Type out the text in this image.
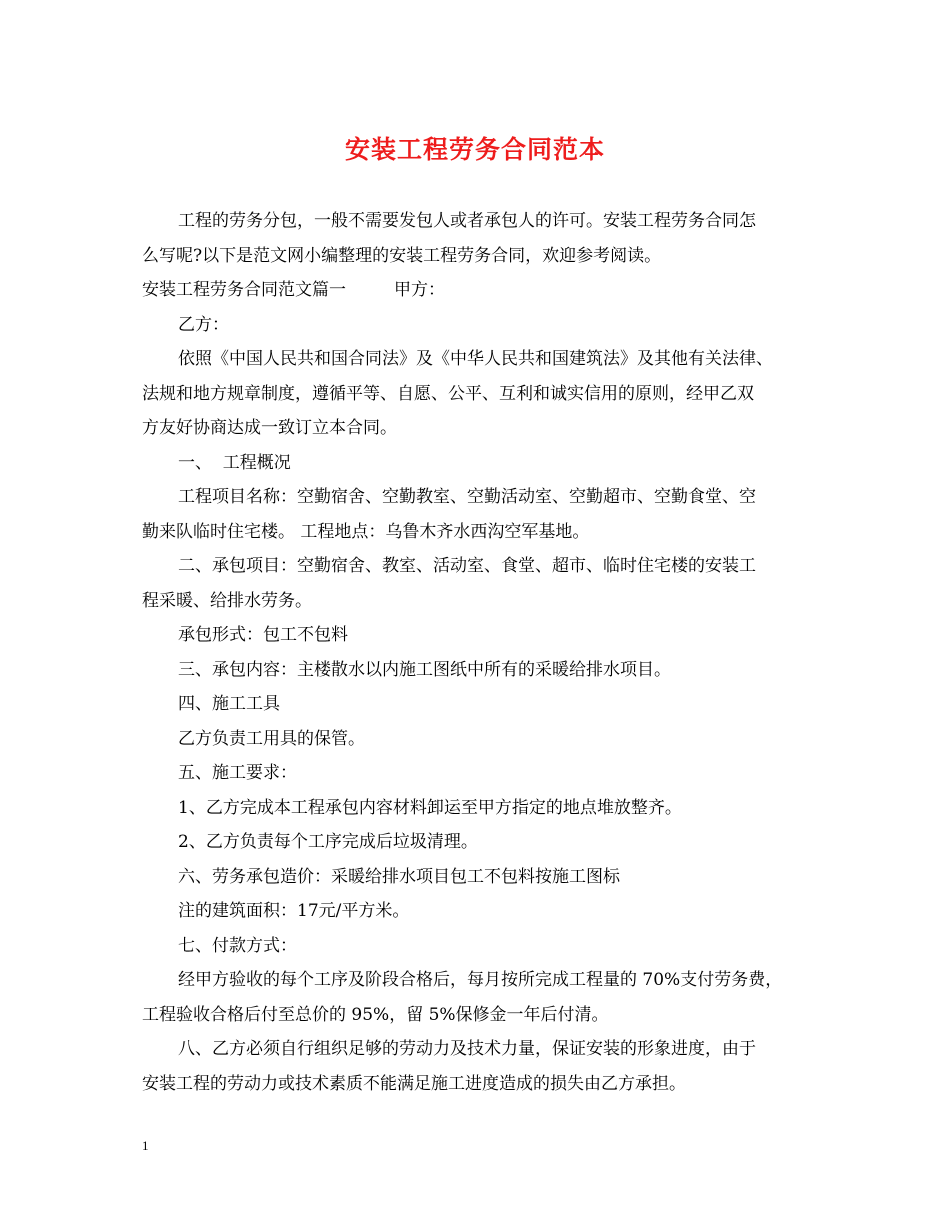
安装工程劳务合同范本

工程的劳务分包，一般不需要发包人或者承包人的许可。安装工程劳务合同怎

么写呢?以下是范文网小编整理的安装工程劳务合同，欢迎参考阅读。

安装工程劳务合同范文篇一	甲方：

乙方：

依照《中国人民共和国合同法》及《中华人民共和国建筑法》及其他有关法律、

法规和地方规章制度，遵循平等、自愿、公平、互利和诚实信用的原则，经甲乙双

方友好协商达成一致订立本合同。

一、  工程概况

工程项目名称：空勤宿舍、空勤教室、空勤活动室、空勤超市、空勤食堂、空

勤来队临时住宅楼。 工程地点：乌鲁木齐水西沟空军基地。

二、承包项目：空勤宿舍、教室、活动室、食堂、超市、临时住宅楼的安装工

程采暖、给排水劳务。

承包形式：包工不包料

三、承包内容：主楼散水以内施工图纸中所有的采暖给排水项目。

四、施工工具

乙方负责工用具的保管。

五、施工要求：

1、乙方完成本工程承包内容材料卸运至甲方指定的地点堆放整齐。

2、乙方负责每个工序完成后垃圾清理。

六、劳务承包造价：采暖给排水项目包工不包料按施工图标

注的建筑面积：17元/平方米。

七、付款方式：

经甲方验收的每个工序及阶段合格后，每月按所完成工程量的 70%支付劳务费，

工程验收合格后付至总价的 95%，留 5%保修金一年后付清。

八、乙方必须自行组织足够的劳动力及技术力量，保证安装的形象进度，由于

安装工程的劳动力或技术素质不能满足施工进度造成的损失由乙方承担。

1
